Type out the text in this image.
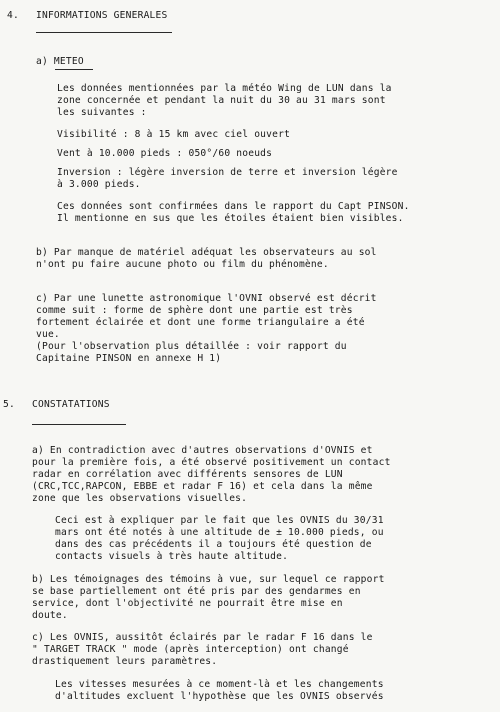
4. INFORMATIONS GENERALES
a) METEO
Les données mentionnées par la météo Wing de LUN dans la
zone concernée et pendant la nuit du 30 au 31 mars sont
les suivantes :
Visibilité : 8 à 15 km avec ciel ouvert
Vent à 10.000 pieds : 050°/60 noeuds
Inversion : légère inversion de terre et inversion légère
à 3.000 pieds.
Ces données sont confirmées dans le rapport du Capt PINSON.
Il mentionne en sus que les étoiles étaient bien visibles.
b) Par manque de matériel adéquat les observateurs au sol
n'ont pu faire aucune photo ou film du phénomène.
c) Par une lunette astronomique l'OVNI observé est décrit
comme suit : forme de sphère dont une partie est très
fortement éclairée et dont une forme triangulaire a été
vue.
(Pour l'observation plus détaillée : voir rapport du
Capitaine PINSON en annexe H 1)
5. CONSTATATIONS
a) En contradiction avec d'autres observations d'OVNIS et
pour la première fois, a été observé positivement un contact
radar en corrélation avec différents sensores de LUN
(CRC,TCC,RAPCON, EBBE et radar F 16) et cela dans la même
zone que les observations visuelles.
Ceci est à expliquer par le fait que les OVNIS du 30/31
mars ont été notés à une altitude de ± 10.000 pieds, ou
dans des cas précédents il a toujours été question de
contacts visuels à très haute altitude.
b) Les témoignages des témoins à vue, sur lequel ce rapport
se base partiellement ont été pris par des gendarmes en
service, dont l'objectivité ne pourrait être mise en
doute.
c) Les OVNIS, aussitôt éclairés par le radar F 16 dans le
" TARGET TRACK " mode (après interception) ont changé
drastiquement leurs paramètres.
Les vitesses mesurées à ce moment-là et les changements
d'altitudes excluent l'hypothèse que les OVNIS observés
